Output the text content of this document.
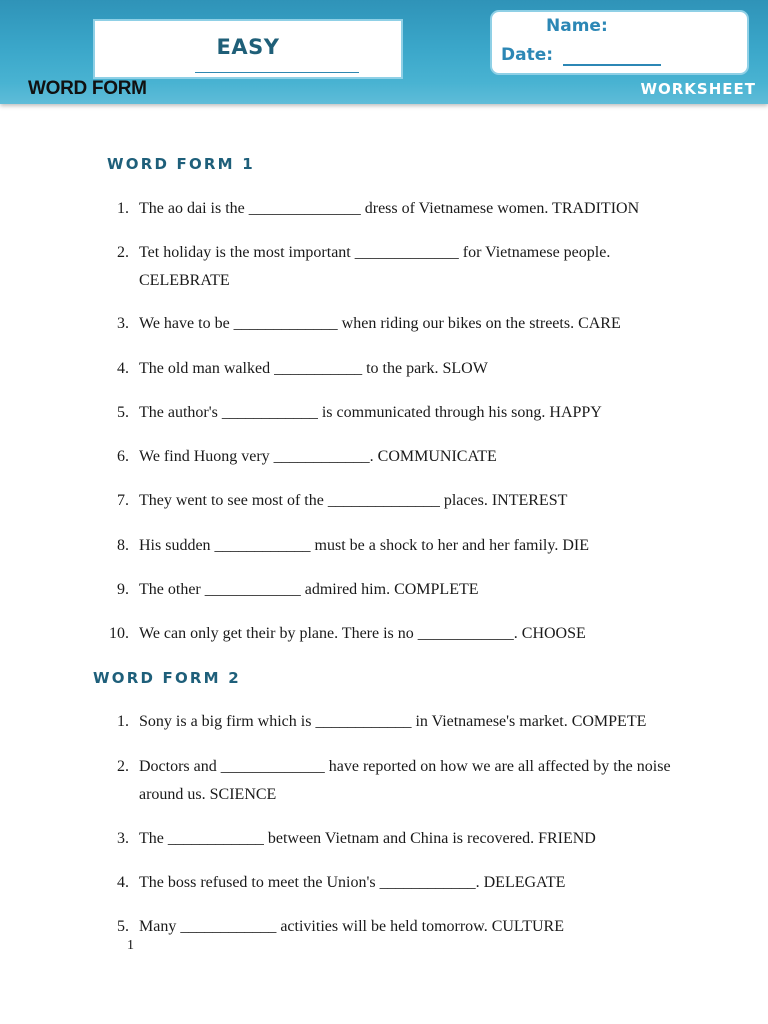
EASY
Name:
Date:
WORD FORM	WORKSHEET
WORD FORM 1
1. The ao dai is the ______________ dress of Vietnamese women. TRADITION
2. Tet holiday is the most important _____________ for Vietnamese people. CELEBRATE
3. We have to be _____________ when riding our bikes on the streets. CARE
4. The old man walked ___________ to the park. SLOW
5. The author's ____________ is communicated through his song. HAPPY
6. We find Huong very ____________. COMMUNICATE
7. They went to see most of the ______________ places. INTEREST
8. His sudden ____________ must be a shock to her and her family. DIE
9. The other ____________ admired him. COMPLETE
10. We can only get their by plane. There is no ____________. CHOOSE
WORD FORM 2
1. Sony is a big firm which is ____________ in Vietnamese's market. COMPETE
2. Doctors and _____________ have reported on how we are all affected by the noise around us. SCIENCE
3. The ____________ between Vietnam and China is recovered. FRIEND
4. The boss refused to meet the Union's ____________. DELEGATE
5. Many ____________ activities will be held tomorrow. CULTURE
1
